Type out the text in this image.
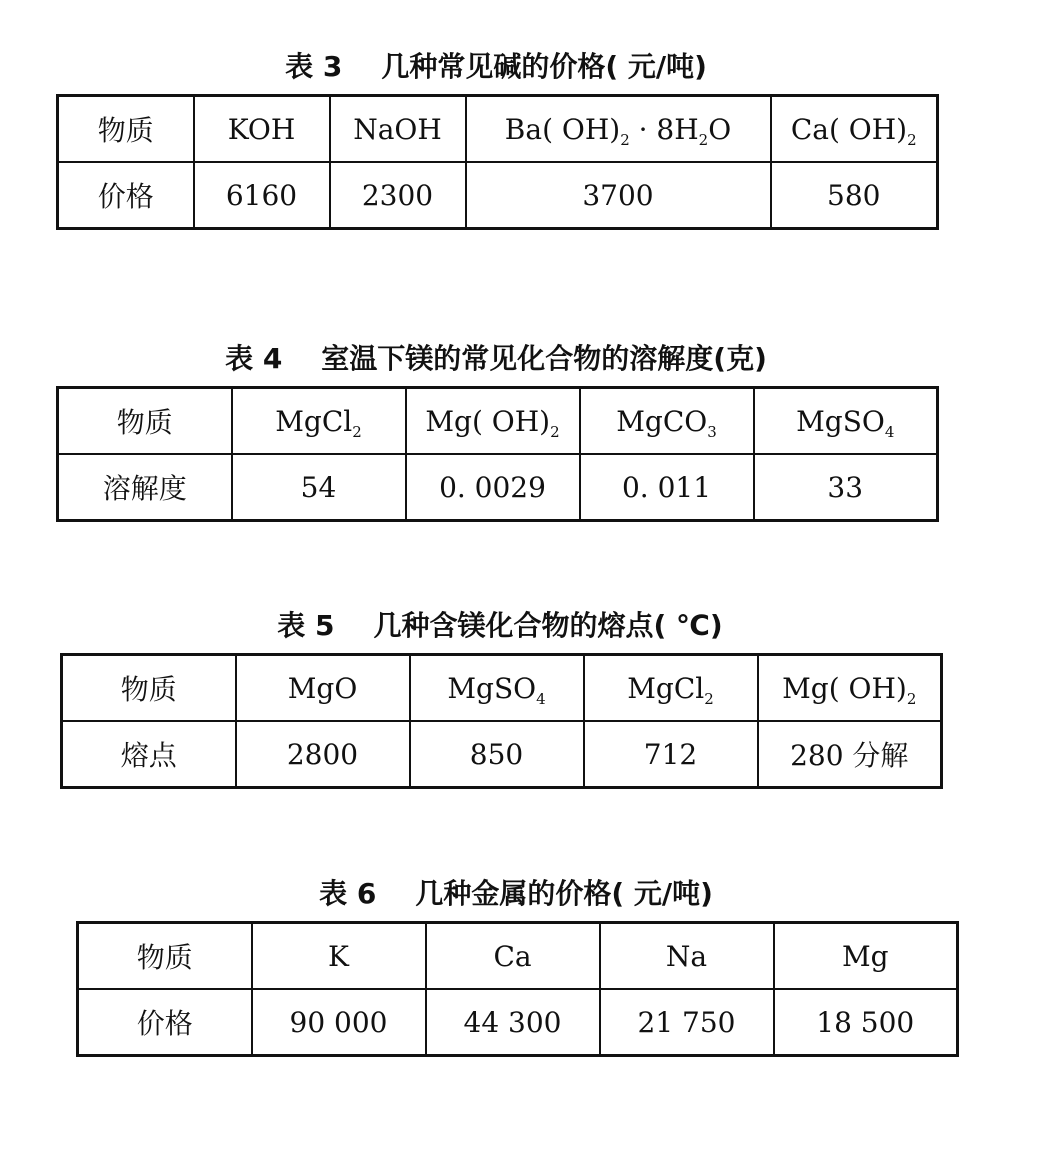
表 3    几种常见碱的价格( 元/吨)
物质	KOH	NaOH	Ba( $OH)_2 \cdot 8H_2O$	Ca( $OH)_2$
价格	6160	2300	3700	580
表 4    室温下镁的常见化合物的溶解度(克)
物质	MgCl$_2$	Mg( $OH)_2$	MgCO$_3$	MgSO$_4$
溶解度	54	0. 0029	0. 011	33
表 5    几种含镁化合物的熔点( ℃)
物质	MgO	MgSO$_4$	MgCl$_2$	Mg( $OH)_2$
熔点	2800	850	712	280 分解
表 6    几种金属的价格( 元/吨)
物质	K	Ca	Na	Mg
价格	90 000	44 300	21 750	18 500
